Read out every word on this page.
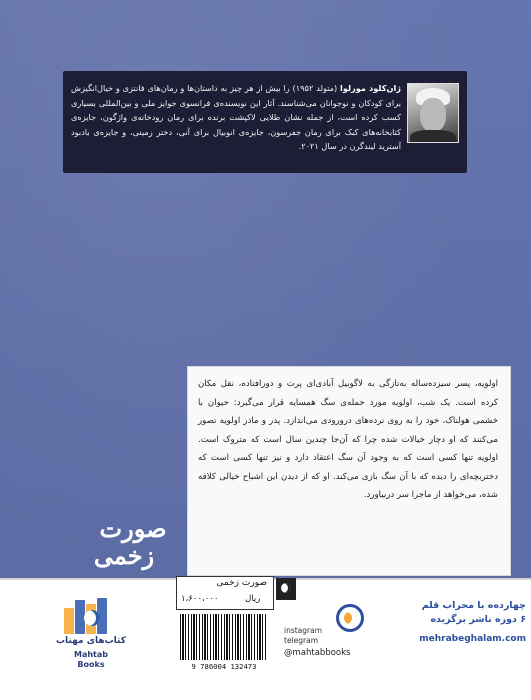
ژان‌کلود مورلوا (متولد ۱۹۵۲) را بیش از هر چیز به داستان‌ها و رمان‌های فانتزی و خیال‌انگیزش برای کودکان و نوجوانان می‌شناسند. آثار این نویسنده‌ی فرانسوی جوایز ملی و بین‌المللی بسیاری کسب کرده است، از جمله نشان طلایی لاکپشت برنده برای رمان رودخانه‌ی واژگون، جایزه‌ی کتابخانه‌های کبک برای رمان جفرسون، جایزه‌ی انوبیال برای آنی، دختر زمینی، و جایزه‌ی یادبود آسترید لیندگرن در سال ۲۰۲۱.
اولویه، پسر سیزده‌ساله به‌تازگی به لاگوبیل آبادی‌ای پرت و دورافتاده، نقل مکان کرده است. یک شب، اولویه مورد حمله‌ی سگ همسایه قرار می‌گیرد: حیوان با خشمی هولناک، خود را به روی نرده‌های درورودی می‌اندازد. پدر و مادر اولویه تصور می‌کنند که او دچار خیالات شده چرا که آن‌جا چندین سال است که متروک است. اولویه تنها کسی است که به وجود آن سگ اعتقاد دارد و نیز تنها کسی است که دختربچه‌ای را دیده که با آن سگ بازی می‌کند. او که از دیدن این اشباح خیالی کلافه شده، می‌خواهد از ماجرا سر دربیاورد.
صورت
زخمی
کتاب‌های مهتاب
Mahtab
Books
صورت زخمی
۱،۶۰۰،۰۰۰	ریال
9 786004 132473
instagram
telegram
@mahtabbooks
چهارده‌ه با محراب قلم
۶ دوره ناشر برگزیده
mehrabeghalam.com
